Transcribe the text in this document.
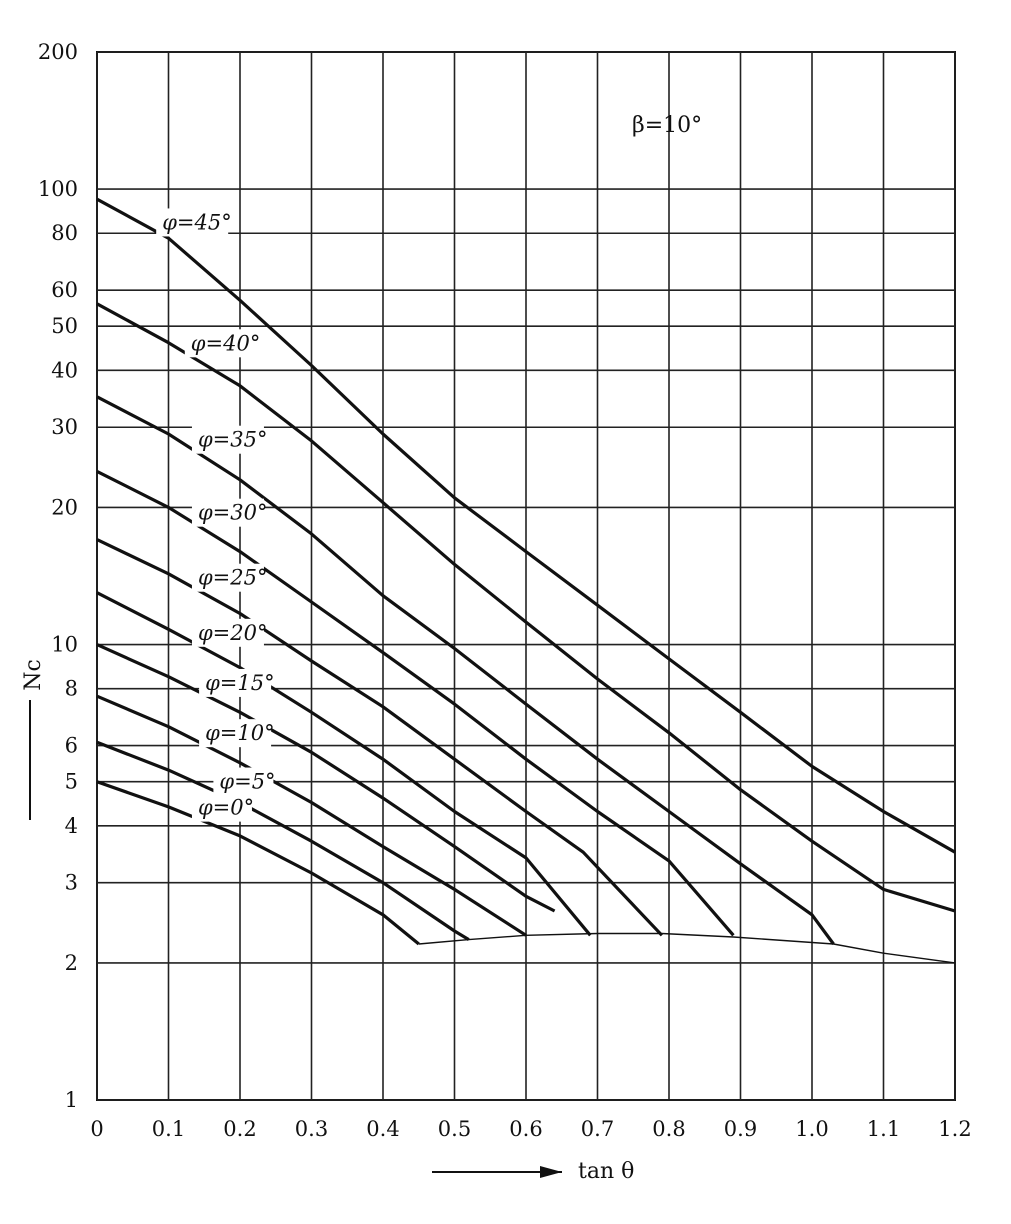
φ=45°
φ=40°
φ=35°
φ=30°
φ=25°
φ=20°
φ=15°
φ=10°
φ=5°
φ=0°
0 0.1 0.2 0.3 0.4 0.5 0.6 0.7 0.8 0.9 1.0 1.1 1.2
1
2
3
4
5
6
8
10
20
30
40
50
60
80
100
200
β=10°
tan θ
Nc
